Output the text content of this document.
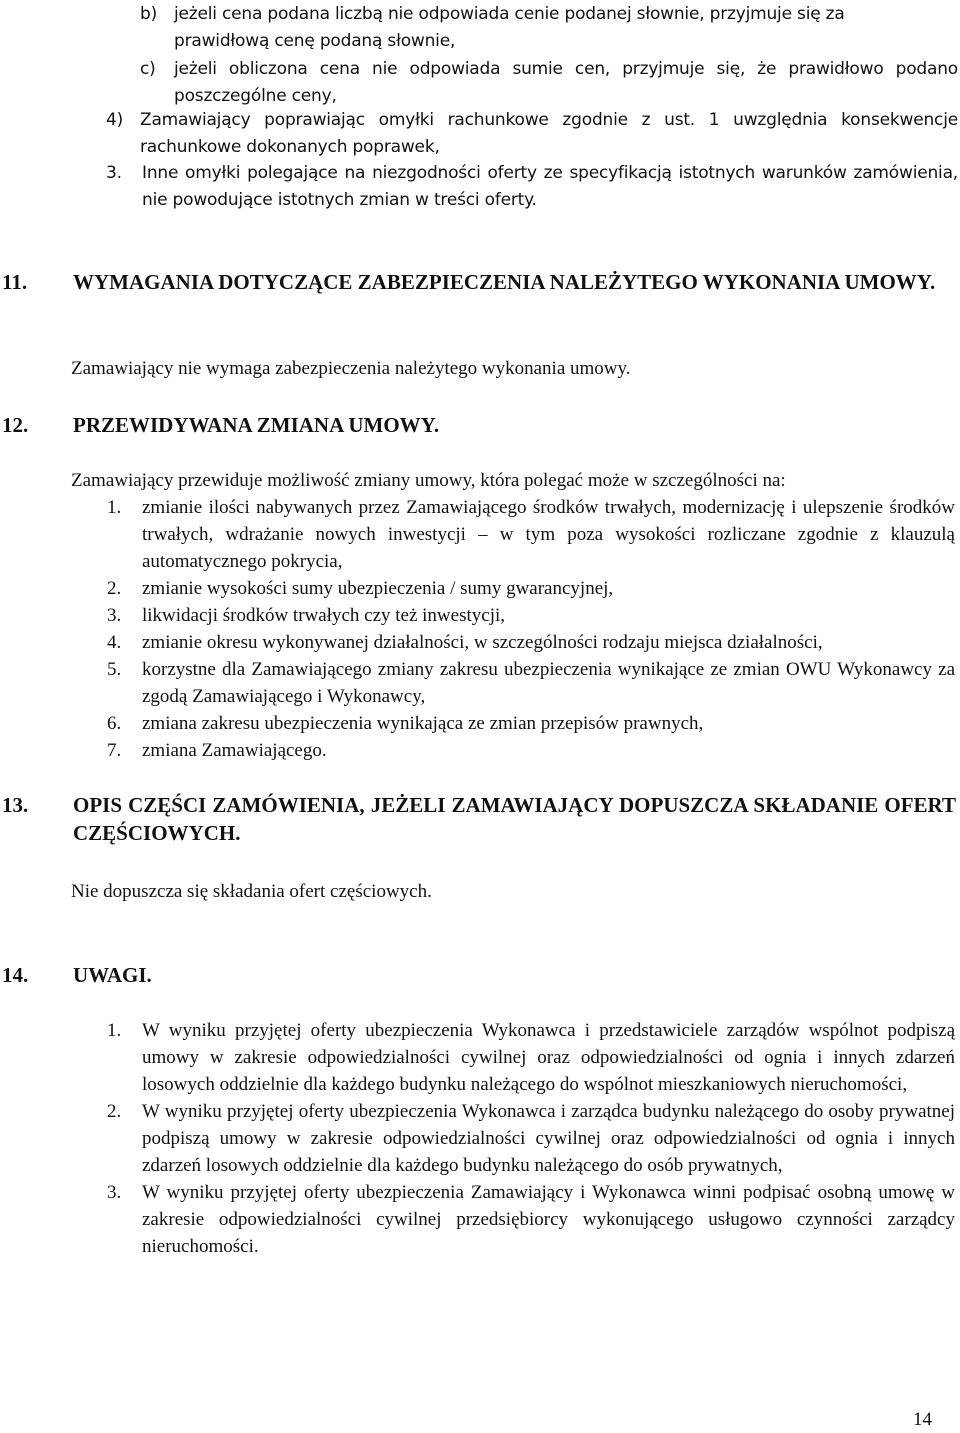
b) jeżeli cena podana liczbą nie odpowiada cenie podanej słownie, przyjmuje się za prawidłową cenę podaną słownie,
c)	jeżeli obliczona cena nie odpowiada sumie cen, przyjmuje się, że prawidłowo podano poszczególne ceny,
4) Zamawiający poprawiając omyłki rachunkowe zgodnie z ust. 1 uwzględnia konsekwencje rachunkowe dokonanych poprawek,
3.	Inne omyłki polegające na niezgodności oferty ze specyfikacją istotnych warunków zamówienia, nie powodujące istotnych zmian w treści oferty.
11.	WYMAGANIA DOTYCZĄCE ZABEZPIECZENIA NALEŻYTEGO WYKONANIA UMOWY.
Zamawiający nie wymaga zabezpieczenia należytego wykonania umowy.
12.	PRZEWIDYWANA ZMIANA UMOWY.
Zamawiający przewiduje możliwość zmiany umowy, która polegać może w szczególności na:
1.	zmianie ilości nabywanych przez Zamawiającego środków trwałych, modernizację i ulepszenie środków trwałych, wdrażanie nowych inwestycji – w tym poza wysokości rozliczane zgodnie z klauzulą automatycznego pokrycia,
2.	zmianie wysokości sumy ubezpieczenia / sumy gwarancyjnej,
3.	likwidacji środków trwałych czy też inwestycji,
4.	zmianie okresu wykonywanej działalności, w szczególności rodzaju miejsca działalności,
5.	korzystne dla Zamawiającego zmiany zakresu ubezpieczenia wynikające ze zmian OWU Wykonawcy za zgodą Zamawiającego i Wykonawcy,
6.	zmiana zakresu ubezpieczenia wynikająca ze zmian przepisów prawnych,
7.	zmiana Zamawiającego.
13.	OPIS CZĘŚCI ZAMÓWIENIA, JEŻELI ZAMAWIAJĄCY DOPUSZCZA SKŁADANIE OFERT CZĘŚCIOWYCH.
Nie dopuszcza się składania ofert częściowych.
14.	UWAGI.
1.	W wyniku przyjętej oferty ubezpieczenia Wykonawca i przedstawiciele zarządów wspólnot podpiszą umowy w zakresie odpowiedzialności cywilnej oraz odpowiedzialności od ognia i innych zdarzeń losowych oddzielnie dla każdego budynku należącego do wspólnot mieszkaniowych nieruchomości,
2.	W wyniku przyjętej oferty ubezpieczenia Wykonawca i zarządca budynku należącego do osoby prywatnej podpiszą umowy w zakresie odpowiedzialności cywilnej oraz odpowiedzialności od ognia i innych zdarzeń losowych oddzielnie dla każdego budynku należącego do osób prywatnych,
3.	W wyniku przyjętej oferty ubezpieczenia Zamawiający i Wykonawca winni podpisać osobną umowę w zakresie odpowiedzialności cywilnej przedsiębiorcy wykonującego usługowo czynności zarządcy nieruchomości.
14
